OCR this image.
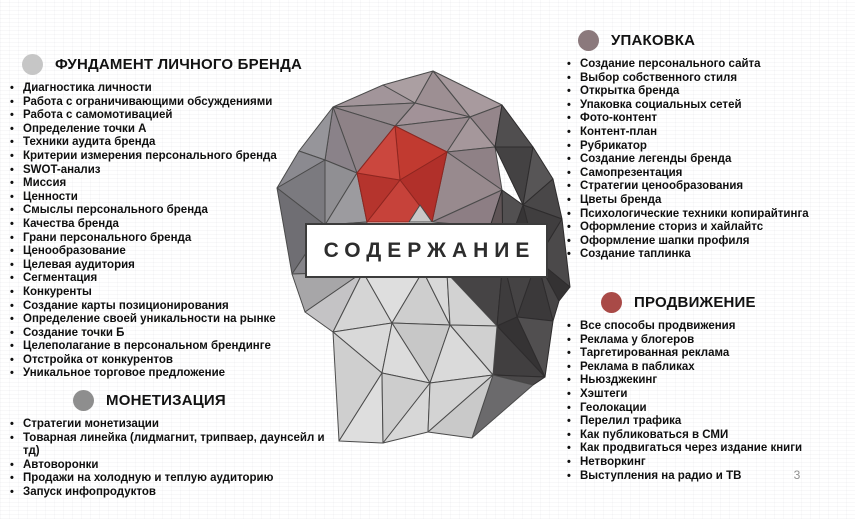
СОДЕРЖАНИЕ
ФУНДАМЕНТ ЛИЧНОГО БРЕНДА
• Диагностика личности
• Работа с ограничивающими обсуждениями
• Работа с самомотивацией
• Определение точки А
• Техники аудита бренда
• Критерии измерения персонального бренда
• SWOT-анализ
• Миссия
• Ценности
• Смыслы персонального бренда
• Качества бренда
• Грани персонального бренда
• Ценообразование
• Целевая аудитория
• Сегментация
• Конкуренты
• Создание карты позиционирования
• Определение своей уникальности на рынке
• Создание точки Б
• Целеполагание в персональном брендинге
• Отстройка от конкурентов
• Уникальное торговое предложение
МОНЕТИЗАЦИЯ
• Стратегии монетизации
• Товарная линейка (лидмагнит, трипваер, даунсейл и тд)
• Автоворонки
• Продажи на холодную и теплую аудиторию
• Запуск инфопродуктов
УПАКОВКА
• Создание персонального сайта
• Выбор собственного стиля
• Открытка бренда
• Упаковка социальных сетей
• Фото-контент
• Контент-план
• Рубрикатор
• Создание легенды бренда
• Самопрезентация
• Стратегии ценообразования
• Цветы бренда
• Психологические техники копирайтинга
• Оформление сториз и хайлайтс
• Оформление шапки профиля
• Создание таплинка
ПРОДВИЖЕНИЕ
• Все способы продвижения
• Реклама у блогеров
• Таргетированная реклама
• Реклама в пабликах
• Ньюзджекинг
• Хэштеги
• Геолокации
• Перелил трафика
• Как публиковаться в СМИ
• Как продвигаться через издание книги
• Нетворкинг
• Выступления на радио и ТВ	3
